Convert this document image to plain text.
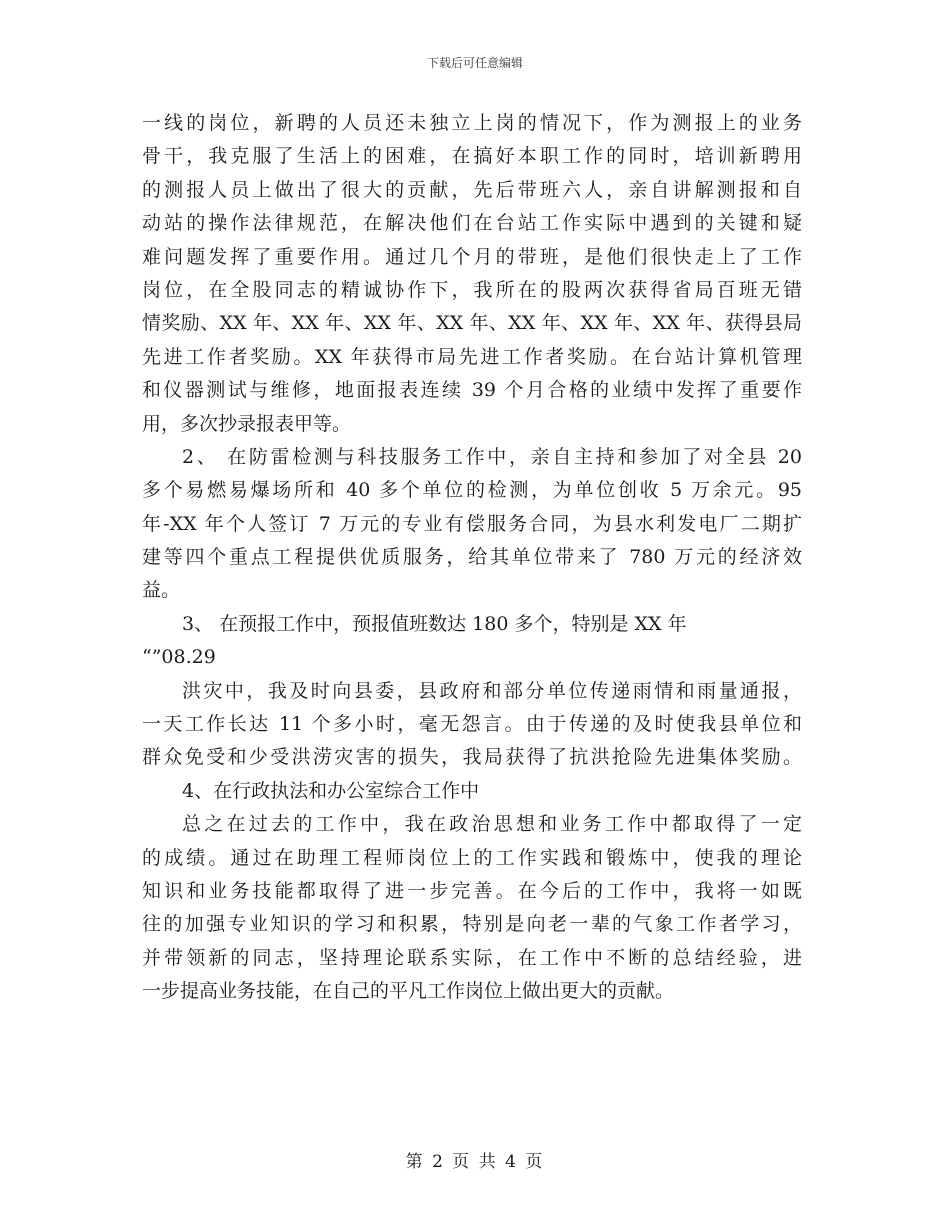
下载后可任意编辑
一线的岗位，新聘的人员还未独立上岗的情况下，作为测报上的业务
骨干，我克服了生活上的困难，在搞好本职工作的同时，培训新聘用
的测报人员上做出了很大的贡献，先后带班六人，亲自讲解测报和自
动站的操作法律规范，在解决他们在台站工作实际中遇到的关键和疑
难问题发挥了重要作用。通过几个月的带班，是他们很快走上了工作
岗位，在全股同志的精诚协作下，我所在的股两次获得省局百班无错
情奖励、XX 年、XX 年、XX 年、XX 年、XX 年、XX 年、XX 年、获得县局
先进工作者奖励。XX 年获得市局先进工作者奖励。在台站计算机管理
和仪器测试与维修，地面报表连续 39 个月合格的业绩中发挥了重要作
用，多次抄录报表甲等。
2、 在防雷检测与科技服务工作中，亲自主持和参加了对全县 20
多个易燃易爆场所和 40 多个单位的检测，为单位创收 5 万余元。95
年-XX 年个人签订 7 万元的专业有偿服务合同，为县水利发电厂二期扩
建等四个重点工程提供优质服务，给其单位带来了 780 万元的经济效
益。
3、 在预报工作中，预报值班数达 180 多个，特别是 XX 年
“”08.29
洪灾中，我及时向县委，县政府和部分单位传递雨情和雨量通报，
一天工作长达 11 个多小时，毫无怨言。由于传递的及时使我县单位和
群众免受和少受洪涝灾害的损失，我局获得了抗洪抢险先进集体奖励。
4、在行政执法和办公室综合工作中
总之在过去的工作中，我在政治思想和业务工作中都取得了一定
的成绩。通过在助理工程师岗位上的工作实践和锻炼中，使我的理论
知识和业务技能都取得了进一步完善。在今后的工作中，我将一如既
往的加强专业知识的学习和积累，特别是向老一辈的气象工作者学习，
并带领新的同志，坚持理论联系实际，在工作中不断的总结经验，进
一步提高业务技能，在自己的平凡工作岗位上做出更大的贡献。
第 2 页 共 4 页
